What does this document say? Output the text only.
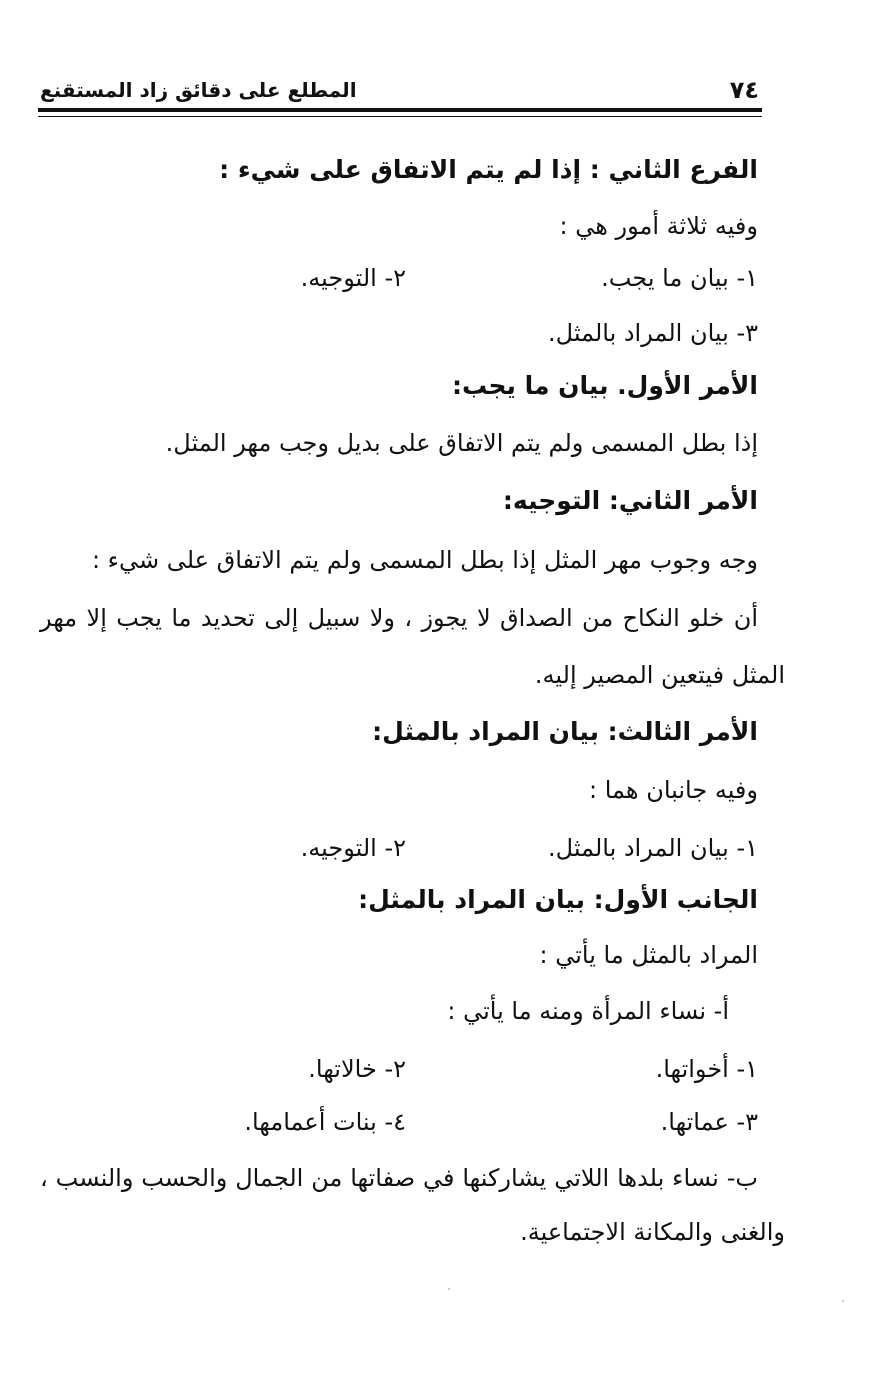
٧٤
المطلع على دقائق زاد المستقنع
الفرع الثاني : إذا لم يتم الاتفاق على شيء :
وفيه ثلاثة أمور هي :
١- بيان ما يجب.
٢- التوجيه.
٣- بيان المراد بالمثل.
الأمر الأول. بيان ما يجب:
إذا بطل المسمى ولم يتم الاتفاق على بديل وجب مهر المثل.
الأمر الثاني: التوجيه:
وجه وجوب مهر المثل إذا بطل المسمى ولم يتم الاتفاق على شيء :
أن خلو النكاح من الصداق لا يجوز ، ولا سبيل إلى تحديد ما يجب إلا مهر
المثل فيتعين المصير إليه.
الأمر الثالث: بيان المراد بالمثل:
وفيه جانبان هما :
١- بيان المراد بالمثل.
٢- التوجيه.
الجانب الأول: بيان المراد بالمثل:
المراد بالمثل ما يأتي :
أ- نساء المرأة ومنه ما يأتي :
١- أخواتها.
٢- خالاتها.
٣- عماتها.
٤- بنات أعمامها.
ب- نساء بلدها اللاتي يشاركنها في صفاتها من الجمال والحسب والنسب ،
والغنى والمكانة الاجتماعية.
